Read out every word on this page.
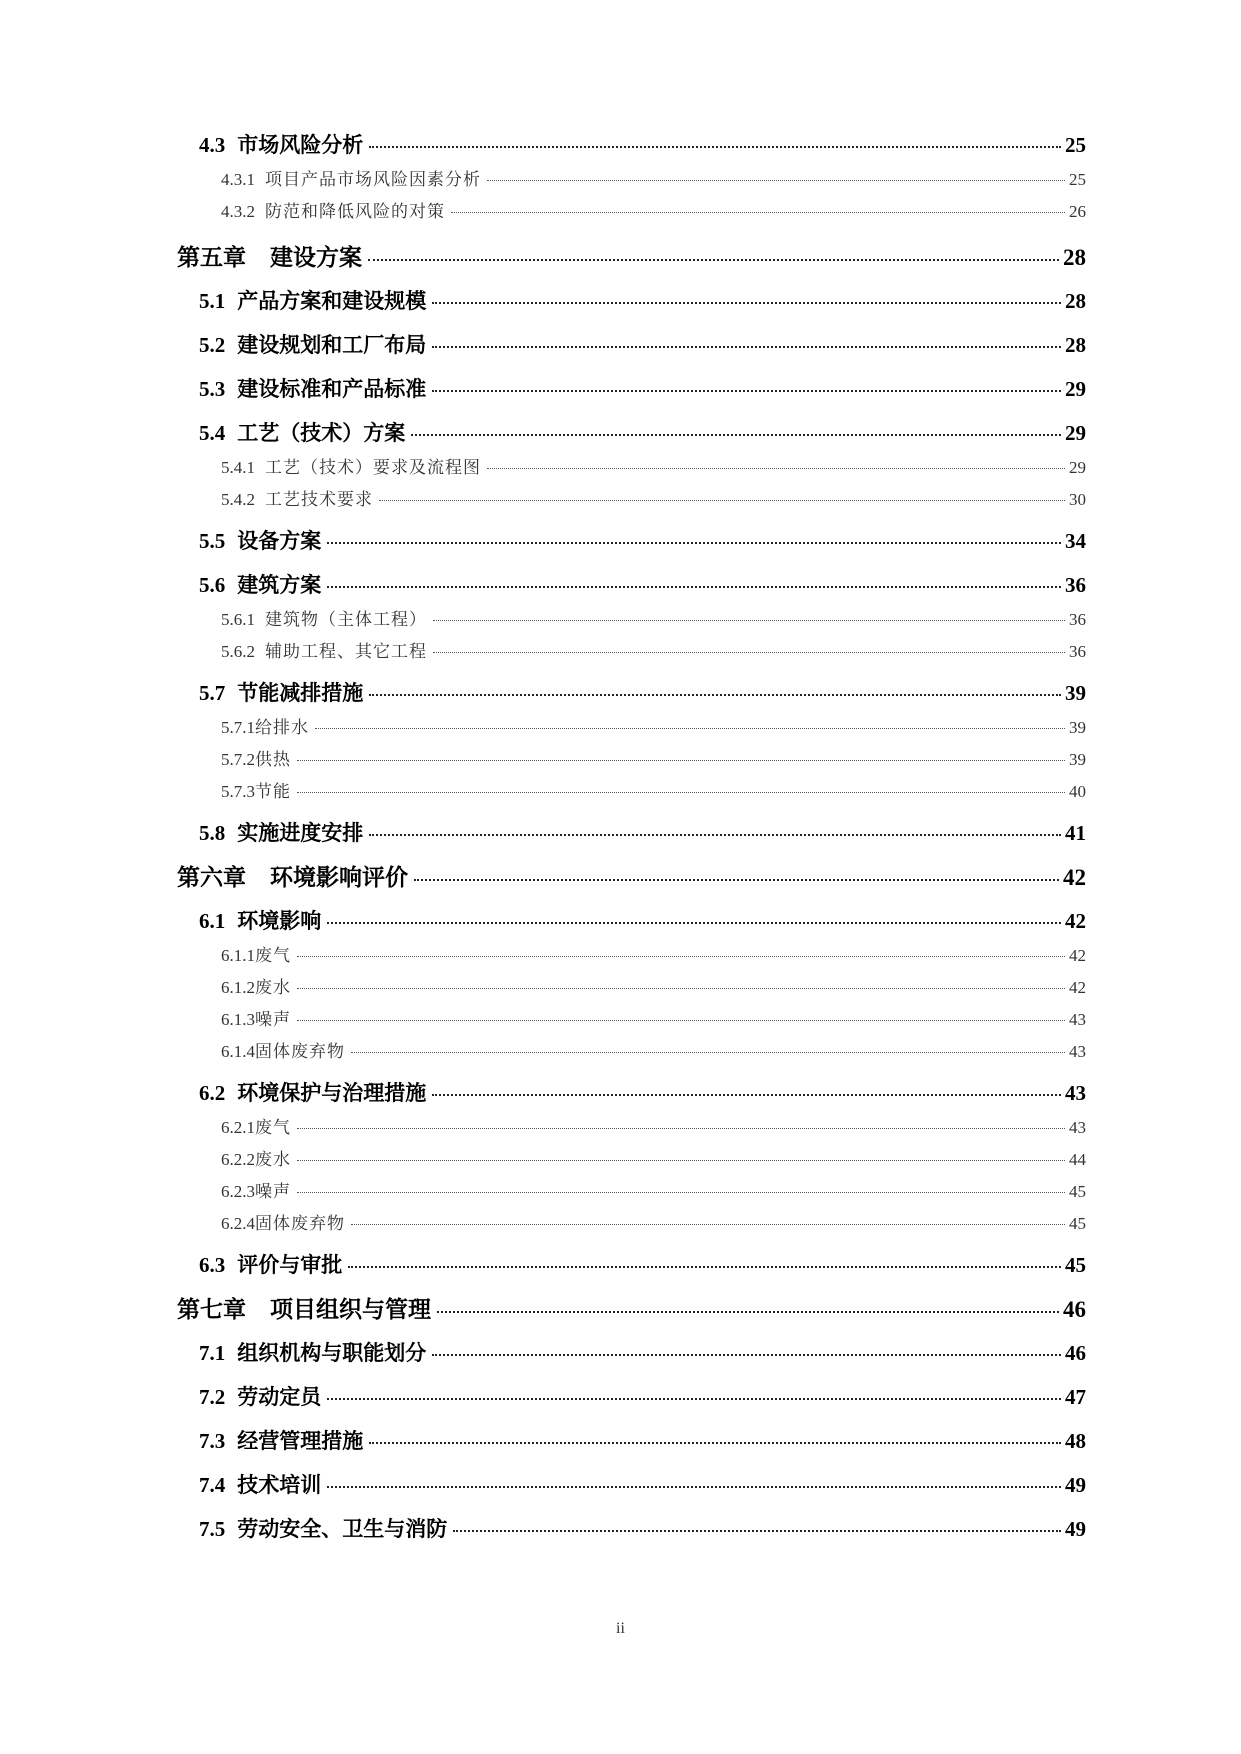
4.3 市场风险分析	25
4.3.1 项目产品市场风险因素分析	25
4.3.2 防范和降低风险的对策	26
第五章 建设方案	28
5.1 产品方案和建设规模	28
5.2 建设规划和工厂布局	28
5.3 建设标准和产品标准	29
5.4 工艺（技术）方案	29
5.4.1 工艺（技术）要求及流程图	29
5.4.2 工艺技术要求	30
5.5 设备方案	34
5.6 建筑方案	36
5.6.1 建筑物（主体工程）	36
5.6.2 辅助工程、其它工程	36
5.7 节能减排措施	39
5.7.1 给排水	39
5.7.2 供热	39
5.7.3 节能	40
5.8 实施进度安排	41
第六章 环境影响评价	42
6.1 环境影响	42
6.1.1 废气	42
6.1.2 废水	42
6.1.3 噪声	43
6.1.4 固体废弃物	43
6.2 环境保护与治理措施	43
6.2.1 废气	43
6.2.2 废水	44
6.2.3 噪声	45
6.2.4 固体废弃物	45
6.3 评价与审批	45
第七章 项目组织与管理	46
7.1 组织机构与职能划分	46
7.2 劳动定员	47
7.3 经营管理措施	48
7.4 技术培训	49
7.5 劳动安全、卫生与消防	49
ii
